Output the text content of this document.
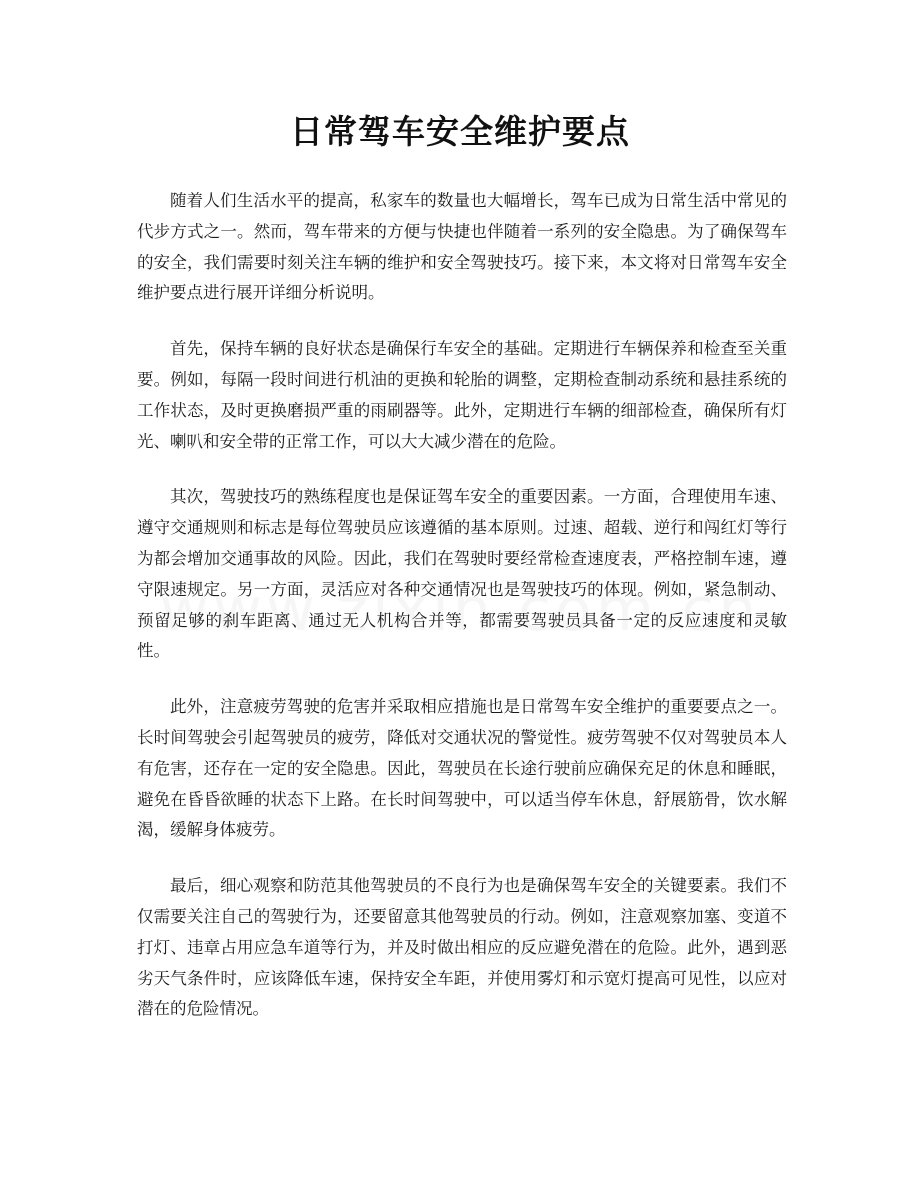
日常驾车安全维护要点

随着人们生活水平的提高，私家车的数量也大幅增长，驾车已成为日常生活中常见的代步方式之一。然而，驾车带来的方便与快捷也伴随着一系列的安全隐患。为了确保驾车的安全，我们需要时刻关注车辆的维护和安全驾驶技巧。接下来，本文将对日常驾车安全维护要点进行展开详细分析说明。

首先，保持车辆的良好状态是确保行车安全的基础。定期进行车辆保养和检查至关重要。例如，每隔一段时间进行机油的更换和轮胎的调整，定期检查制动系统和悬挂系统的工作状态，及时更换磨损严重的雨刷器等。此外，定期进行车辆的细部检查，确保所有灯光、喇叭和安全带的正常工作，可以大大减少潜在的危险。

其次，驾驶技巧的熟练程度也是保证驾车安全的重要因素。一方面，合理使用车速、遵守交通规则和标志是每位驾驶员应该遵循的基本原则。过速、超载、逆行和闯红灯等行为都会增加交通事故的风险。因此，我们在驾驶时要经常检查速度表，严格控制车速，遵守限速规定。另一方面，灵活应对各种交通情况也是驾驶技巧的体现。例如，紧急制动、预留足够的刹车距离、通过无人机构合并等，都需要驾驶员具备一定的反应速度和灵敏性。

此外，注意疲劳驾驶的危害并采取相应措施也是日常驾车安全维护的重要要点之一。长时间驾驶会引起驾驶员的疲劳，降低对交通状况的警觉性。疲劳驾驶不仅对驾驶员本人有危害，还存在一定的安全隐患。因此，驾驶员在长途行驶前应确保充足的休息和睡眠，避免在昏昏欲睡的状态下上路。在长时间驾驶中，可以适当停车休息，舒展筋骨，饮水解渴，缓解身体疲劳。

最后，细心观察和防范其他驾驶员的不良行为也是确保驾车安全的关键要素。我们不仅需要关注自己的驾驶行为，还要留意其他驾驶员的行动。例如，注意观察加塞、变道不打灯、违章占用应急车道等行为，并及时做出相应的反应避免潜在的危险。此外，遇到恶劣天气条件时，应该降低车速，保持安全车距，并使用雾灯和示宽灯提高可见性，以应对潜在的危险情况。
